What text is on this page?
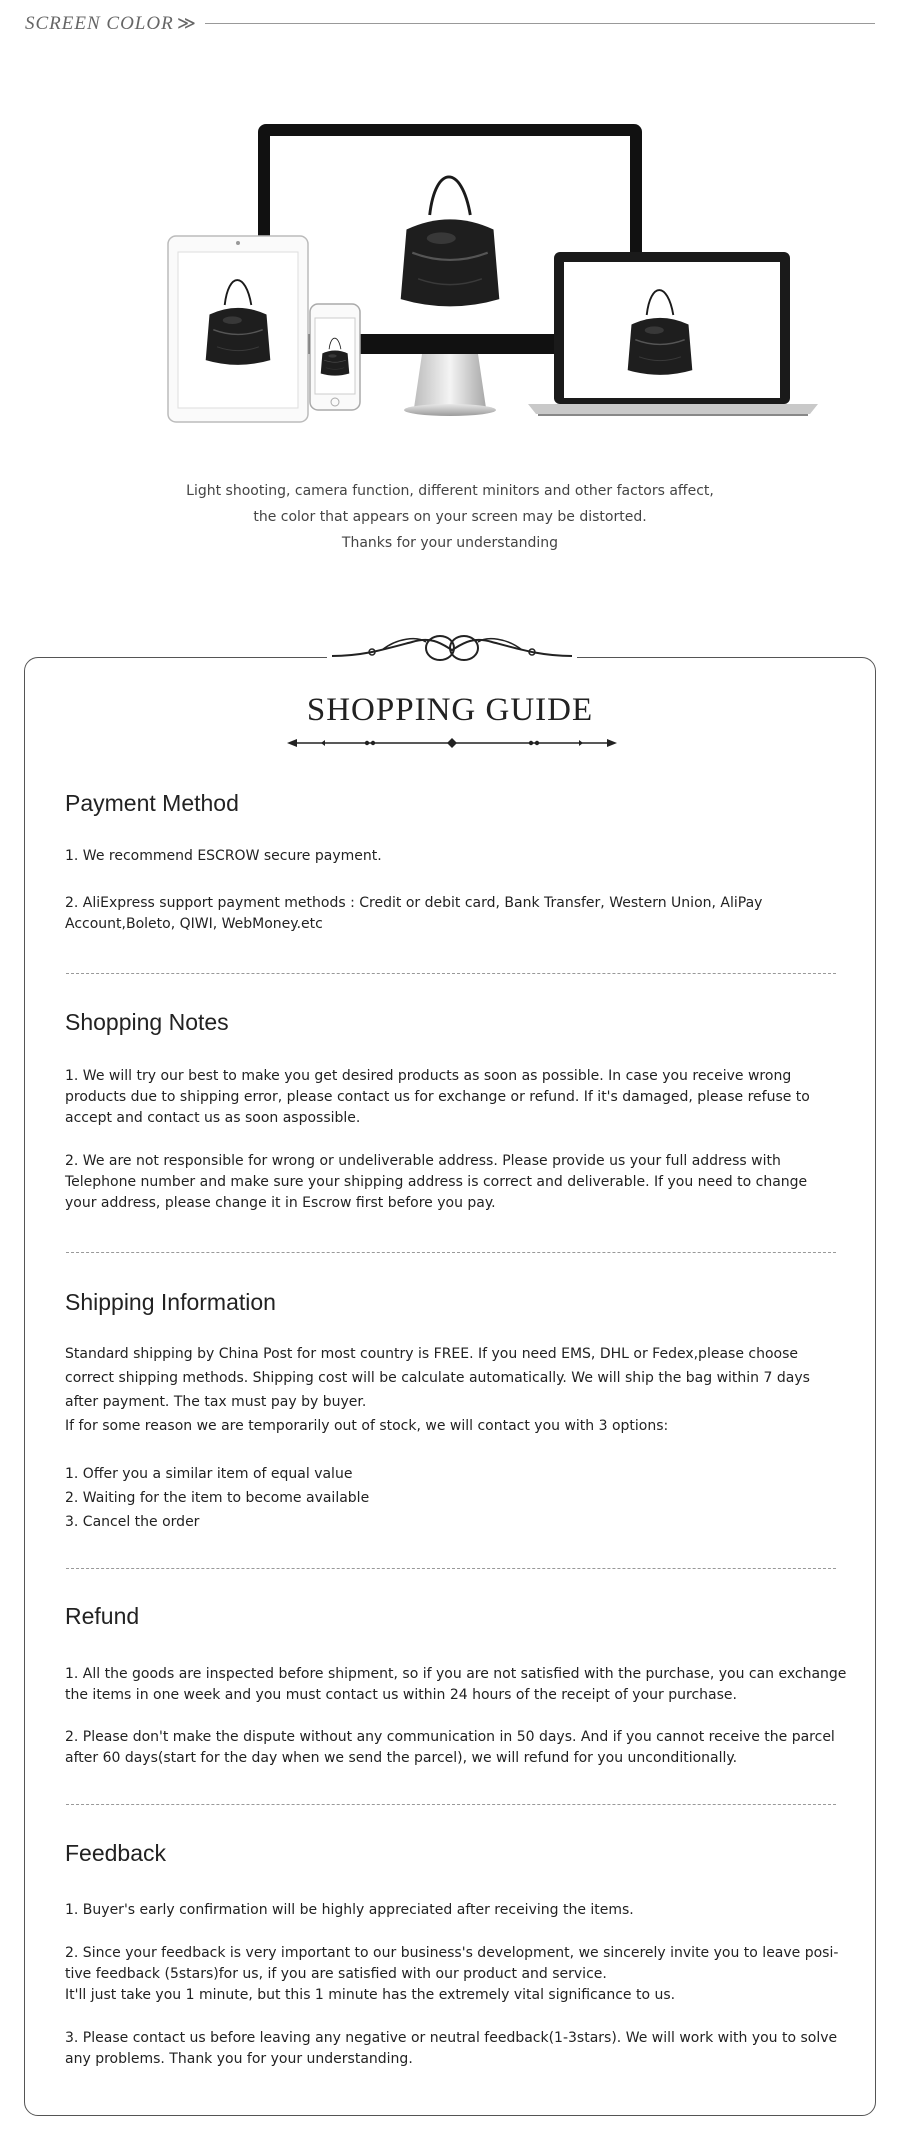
SCREEN COLOR ≫
Light shooting, camera function, different minitors and other factors affect,
the color that appears on your screen may be distorted.
Thanks for your understanding
SHOPPING GUIDE
Payment Method
1. We recommend ESCROW secure payment.
2. AliExpress support payment methods : Credit or debit card, Bank Transfer, Western Union, AliPay
Account,Boleto, QIWI, WebMoney.etc
Shopping Notes
1. We will try our best to make you get desired products as soon as possible. In case you receive wrong
products due to shipping error, please contact us for exchange or refund. If it's damaged, please refuse to
accept and contact us as soon aspossible.
2. We are not responsible for wrong or undeliverable address. Please provide us your full address with
Telephone number and make sure your shipping address is correct and deliverable. If you need to change
your address, please change it in Escrow first before you pay.
Shipping Information
Standard shipping by China Post for most country is FREE. If you need EMS, DHL or Fedex,please choose
correct shipping methods. Shipping cost will be calculate automatically. We will ship the bag within 7 days
after payment. The tax must pay by buyer.
If for some reason we are temporarily out of stock, we will contact you with 3 options:
1. Offer you a similar item of equal value
2. Waiting for the item to become available
3. Cancel the order
Refund
1. All the goods are inspected before shipment, so if you are not satisfied with the purchase, you can exchange
the items in one week and you must contact us within 24 hours of the receipt of your purchase.
2. Please don't make the dispute without any communication in 50 days. And if you cannot receive the parcel
after 60 days(start for the day when we send the parcel), we will refund for you unconditionally.
Feedback
1. Buyer's early confirmation will be highly appreciated after receiving the items.
2. Since your feedback is very important to our business's development, we sincerely invite you to leave posi-
tive feedback (5stars)for us, if you are satisfied with our product and service.
It'll just take you 1 minute, but this 1 minute has the extremely vital significance to us.
3. Please contact us before leaving any negative or neutral feedback(1-3stars). We will work with you to solve
any problems. Thank you for your understanding.
